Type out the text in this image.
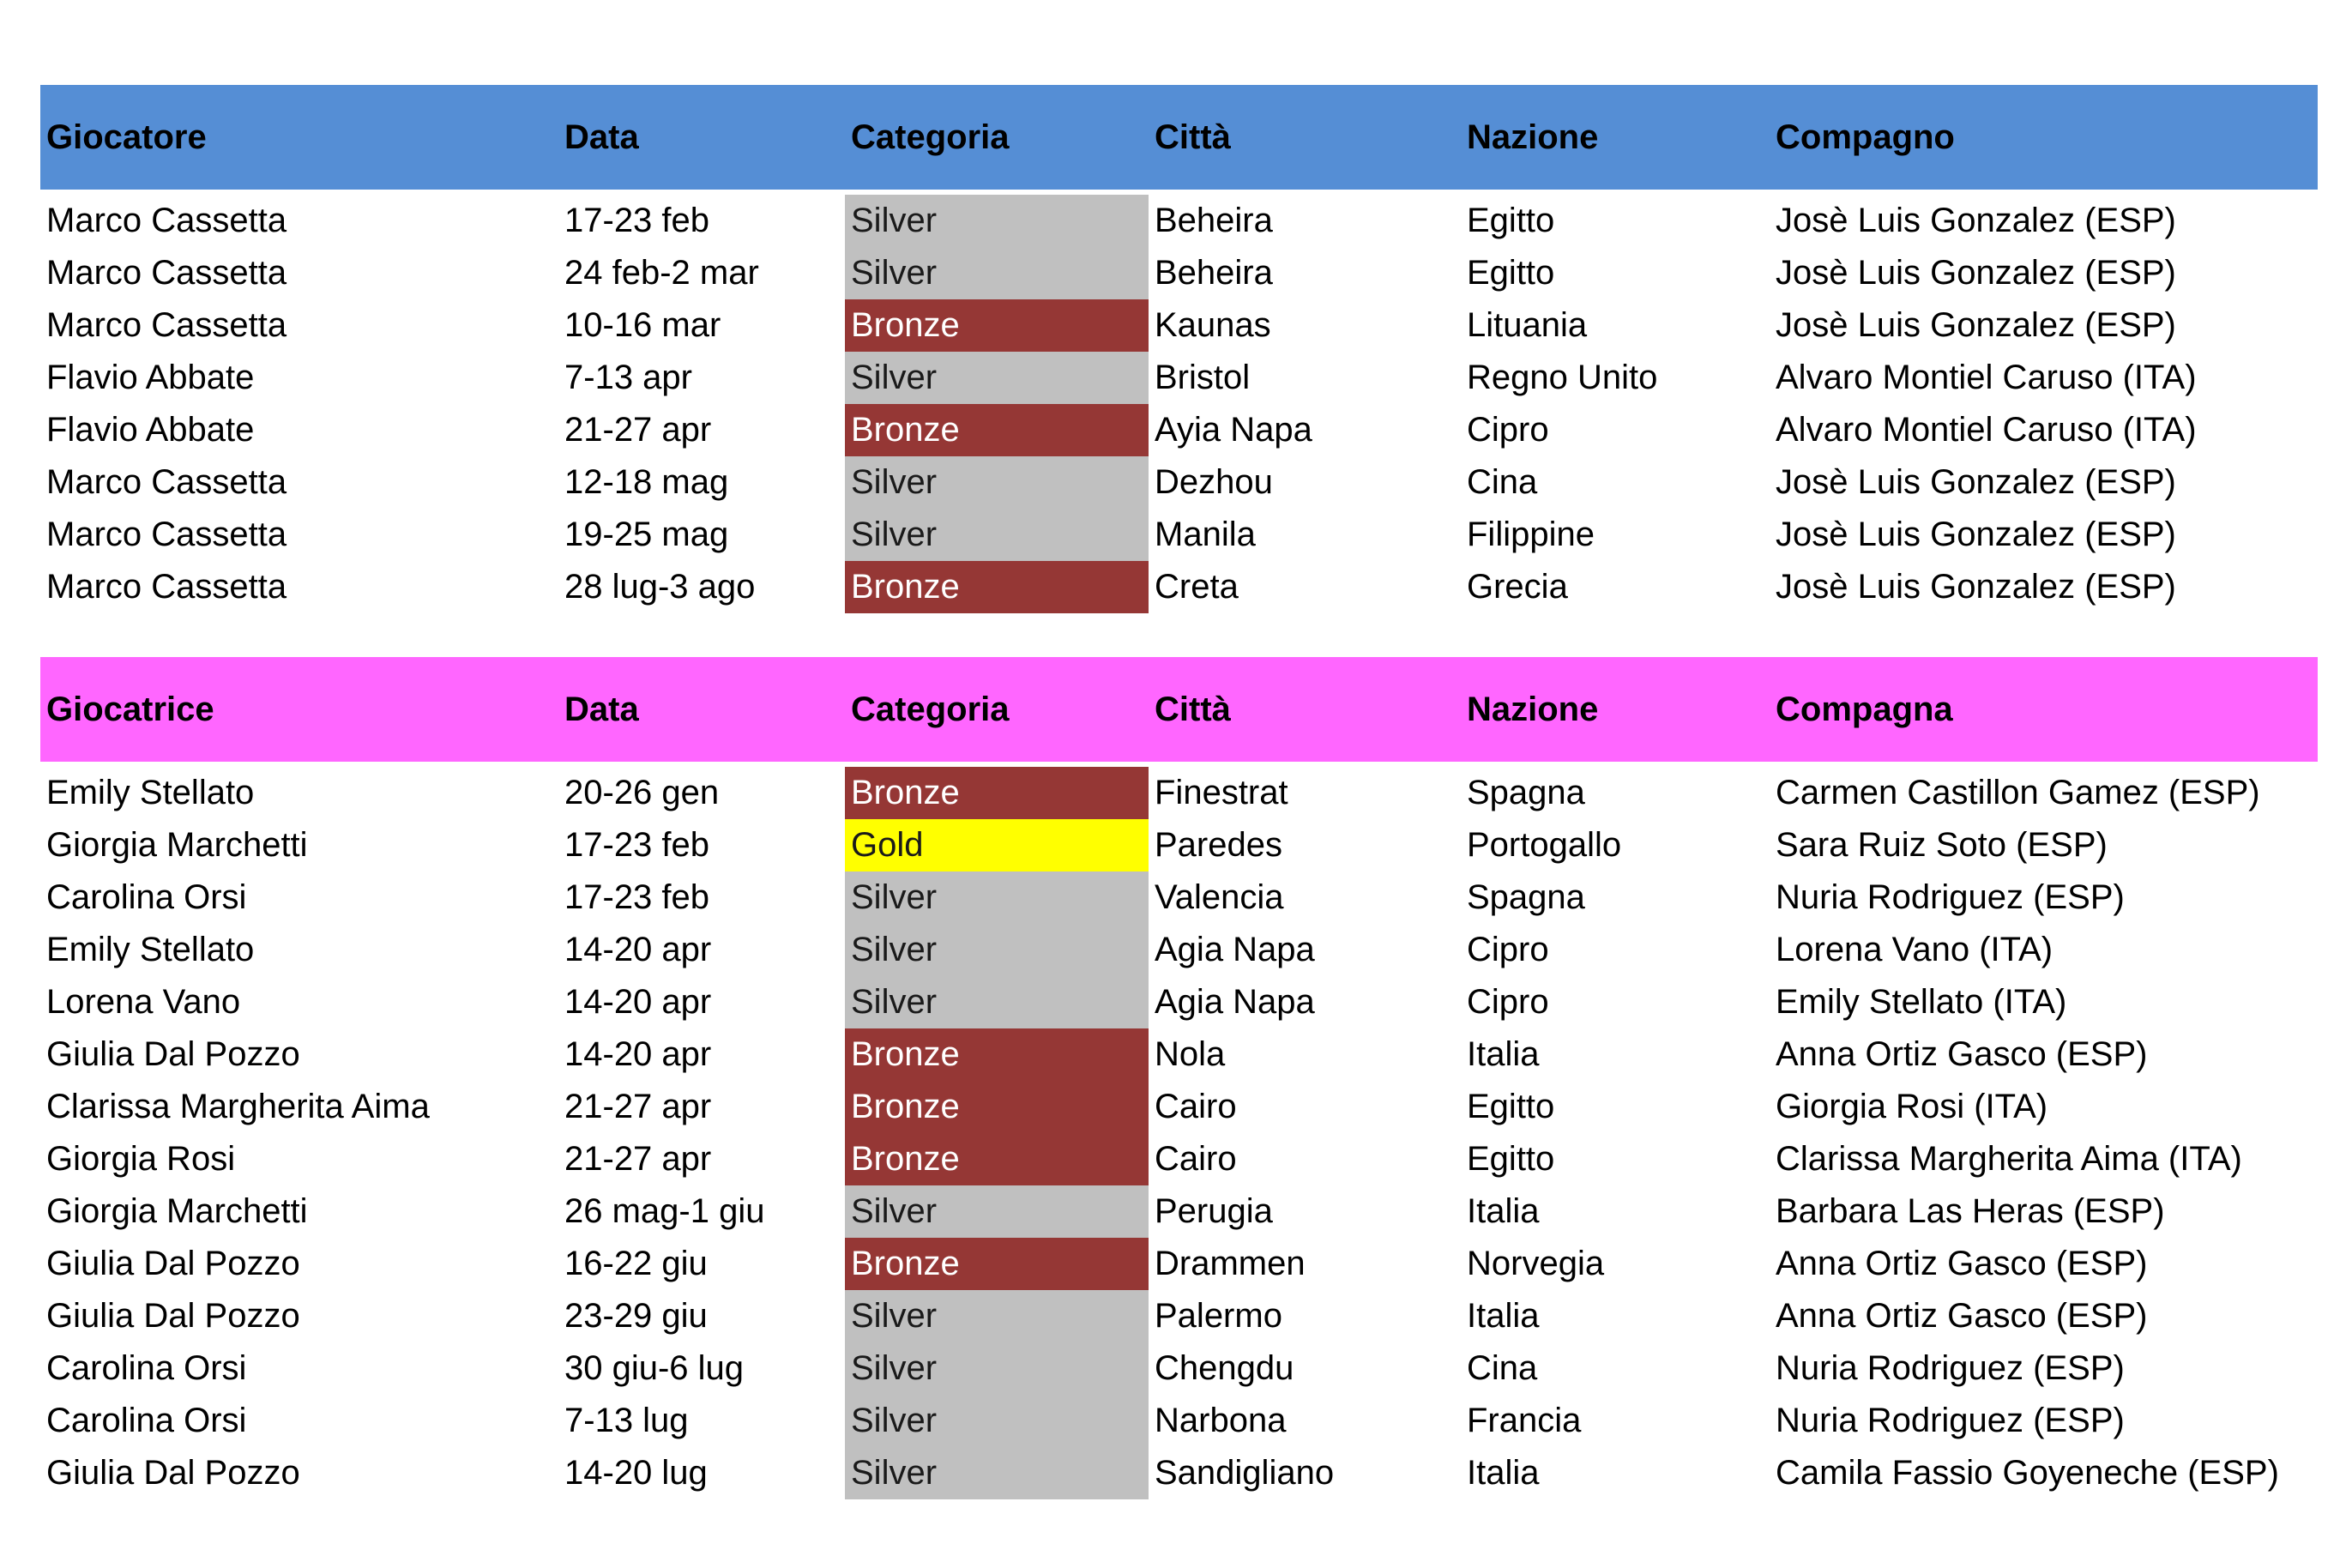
Giocatore	Data	Categoria	Città	Nazione	Compagno
Marco Cassetta	17-23 feb	Silver	Beheira	Egitto	Josè Luis Gonzalez (ESP)
Marco Cassetta	24 feb-2 mar	Silver	Beheira	Egitto	Josè Luis Gonzalez (ESP)
Marco Cassetta	10-16 mar	Bronze	Kaunas	Lituania	Josè Luis Gonzalez (ESP)
Flavio Abbate	7-13 apr	Silver	Bristol	Regno Unito	Alvaro Montiel Caruso (ITA)
Flavio Abbate	21-27 apr	Bronze	Ayia Napa	Cipro	Alvaro Montiel Caruso (ITA)
Marco Cassetta	12-18 mag	Silver	Dezhou	Cina	Josè Luis Gonzalez (ESP)
Marco Cassetta	19-25 mag	Silver	Manila	Filippine	Josè Luis Gonzalez (ESP)
Marco Cassetta	28 lug-3 ago	Bronze	Creta	Grecia	Josè Luis Gonzalez (ESP)
Giocatrice	Data	Categoria	Città	Nazione	Compagna
Emily Stellato	20-26 gen	Bronze	Finestrat	Spagna	Carmen Castillon Gamez (ESP)
Giorgia Marchetti	17-23 feb	Gold	Paredes	Portogallo	Sara Ruiz Soto (ESP)
Carolina Orsi	17-23 feb	Silver	Valencia	Spagna	Nuria Rodriguez (ESP)
Emily Stellato	14-20 apr	Silver	Agia Napa	Cipro	Lorena Vano (ITA)
Lorena Vano	14-20 apr	Silver	Agia Napa	Cipro	Emily Stellato (ITA)
Giulia Dal Pozzo	14-20 apr	Bronze	Nola	Italia	Anna Ortiz Gasco (ESP)
Clarissa Margherita Aima	21-27 apr	Bronze	Cairo	Egitto	Giorgia Rosi (ITA)
Giorgia Rosi	21-27 apr	Bronze	Cairo	Egitto	Clarissa Margherita Aima (ITA)
Giorgia Marchetti	26 mag-1 giu	Silver	Perugia	Italia	Barbara Las Heras (ESP)
Giulia Dal Pozzo	16-22 giu	Bronze	Drammen	Norvegia	Anna Ortiz Gasco (ESP)
Giulia Dal Pozzo	23-29 giu	Silver	Palermo	Italia	Anna Ortiz Gasco (ESP)
Carolina Orsi	30 giu-6 lug	Silver	Chengdu	Cina	Nuria Rodriguez (ESP)
Carolina Orsi	7-13 lug	Silver	Narbona	Francia	Nuria Rodriguez (ESP)
Giulia Dal Pozzo	14-20 lug	Silver	Sandigliano	Italia	Camila Fassio Goyeneche (ESP)
